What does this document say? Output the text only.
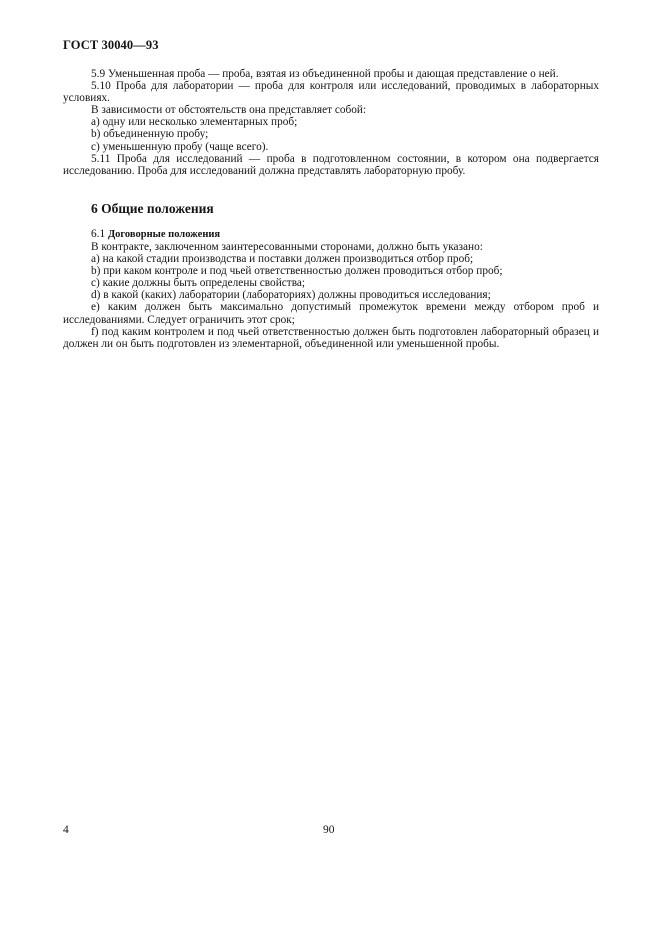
ГОСТ 30040—93

5.9 Уменьшенная проба — проба, взятая из объединенной пробы и дающая представление о ней.

5.10 Проба для лаборатории — проба для контроля или исследований, проводимых в лабораторных условиях.

В зависимости от обстоятельств она представляет собой:

a) одну или несколько элементарных проб;

b) объединенную пробу;

c) уменьшенную пробу (чаще всего).

5.11 Проба для исследований — проба в подготовленном состоянии, в котором она подвергается исследованию. Проба для исследований должна представлять лабораторную пробу.

6 Общие положения

6.1 Договорные положения

В контракте, заключенном заинтересованными сторонами, должно быть указано:

a) на какой стадии производства и поставки должен производиться отбор проб;

b) при каком контроле и под чьей ответственностью должен проводиться отбор проб;

c) какие должны быть определены свойства;

d) в какой (каких) лаборатории (лабораториях) должны проводиться исследования;

e) каким должен быть максимально допустимый промежуток времени между отбором проб и исследованиями. Следует ограничить этот срок;

f) под каким контролем и под чьей ответственностью должен быть подготовлен лабораторный образец и должен ли он быть подготовлен из элементарной, объединенной или уменьшенной пробы.

4	90
